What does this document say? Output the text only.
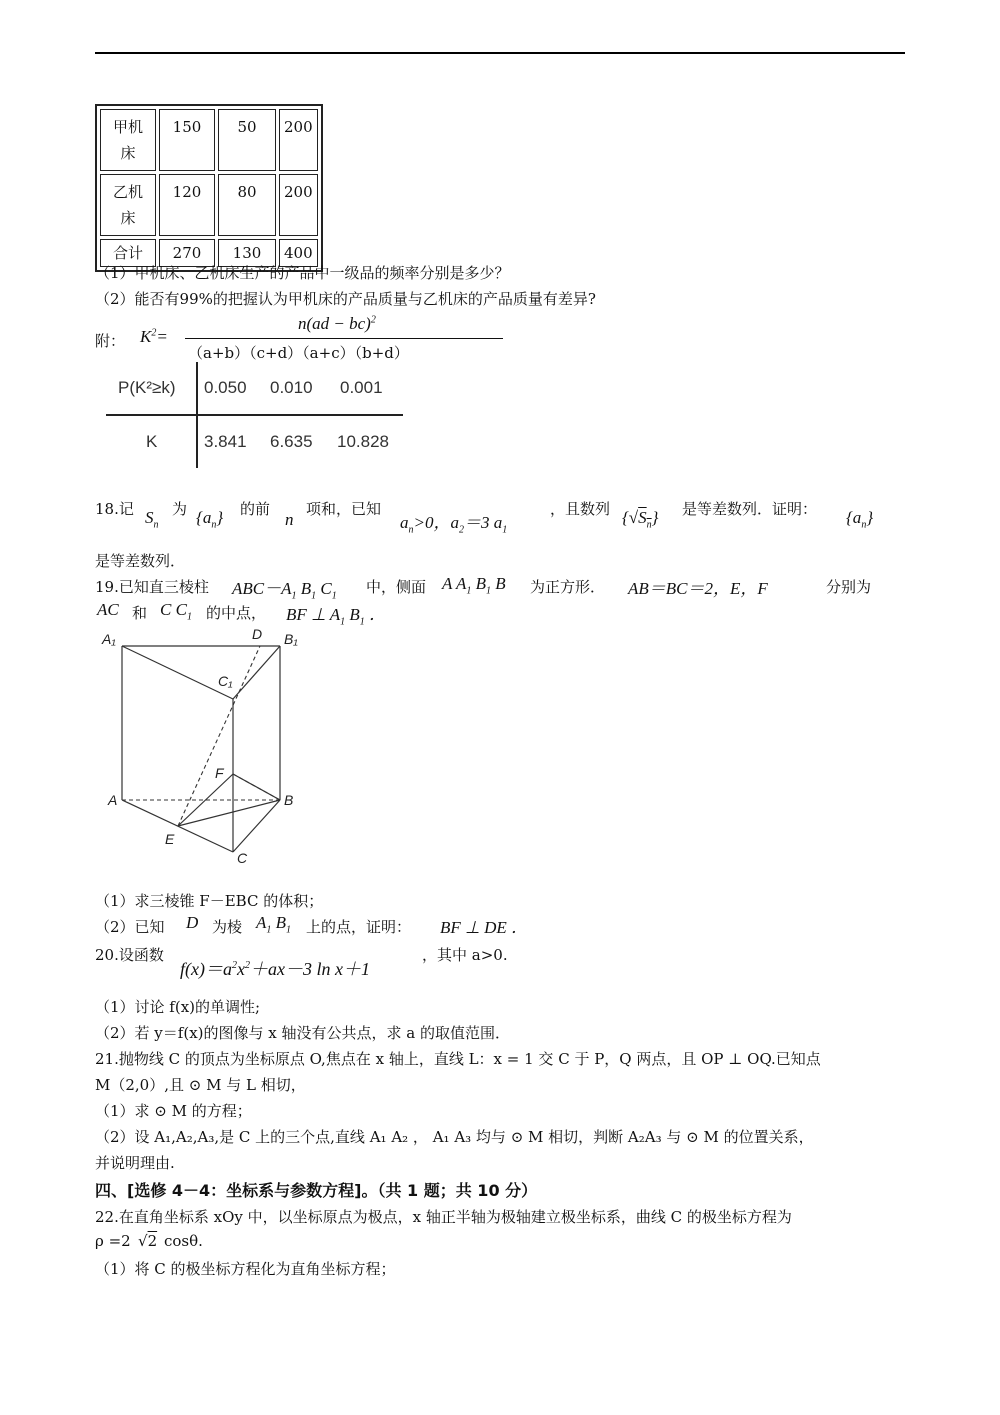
甲机床	150	50	200
乙机床	120	80	200
合计	270	130	400
（1）甲机床、乙机床生产的产品中一级品的频率分别是多少？
（2）能否有99%的把握认为甲机床的产品质量与乙机床的产品质量有差异?
附： $K^2=$
n(ad − bc)$^2$
（a+b）（c+d）（a+c）（b+d）
P(K²≥k) 0.050 0.010 0.001
K	3.841 6.635 10.828
18.记 $S_n$
为 $\{a_n\}$ 的前
n
项和，已知
$a_n>0$，$a_2=3$ $a_1$
，且数列 $\{√S_n\}$ 是等差数列．证明： $\{a_n\}$
是等差数列．
19.已知直三棱柱 $ABC-A_1$ $B_1$ $C_1$ 中，侧面 A $A_1$ $B_1$ B 为正方形． AB＝BC＝2，E，F	分别为
AC 和 C $C_1$ 的中点， BF ⊥ $A_1$ $B_1$ ．
A₁	D B₁
C₁
F
A	B
E
C
（1）求三棱锥 F－EBC 的体积；
（2）已知 D 为棱 $A_1$ $B_1$ 上的点，证明： BF ⊥ DE ．
20.设函数
$f(x)=a^2x^2+ax-3$ ln x＋1
，其中 a>0.
（1）讨论 f(x)的单调性;
（2）若 y＝f(x)的图像与 x 轴没有公共点，求 a 的取值范围．
21.抛物线 C 的顶点为坐标原点 O,焦点在 x 轴上，直线 L：x = 1 交 C 于 P，Q 两点，且 OP ⊥ OQ.已知点
M（2,0）,且 ⊙ M 与 L 相切，
（1）求 ⊙ M 的方程；
（2）设 A₁,A₂,A₃,是 C 上的三个点,直线 A₁ A₂ ， A₁ A₃ 均与 ⊙ M 相切，判断 A₂A₃ 与 ⊙ M 的位置关系，
并说明理由.
四、[选修 4－4：坐标系与参数方程]。（共 1 题；共 10 分）
22.在直角坐标系 xOy 中，以坐标原点为极点，x 轴正半轴为极轴建立极坐标系，曲线 C 的极坐标方程为
ρ =2 √2 cosθ.
（1）将 C 的极坐标方程化为直角坐标方程；
